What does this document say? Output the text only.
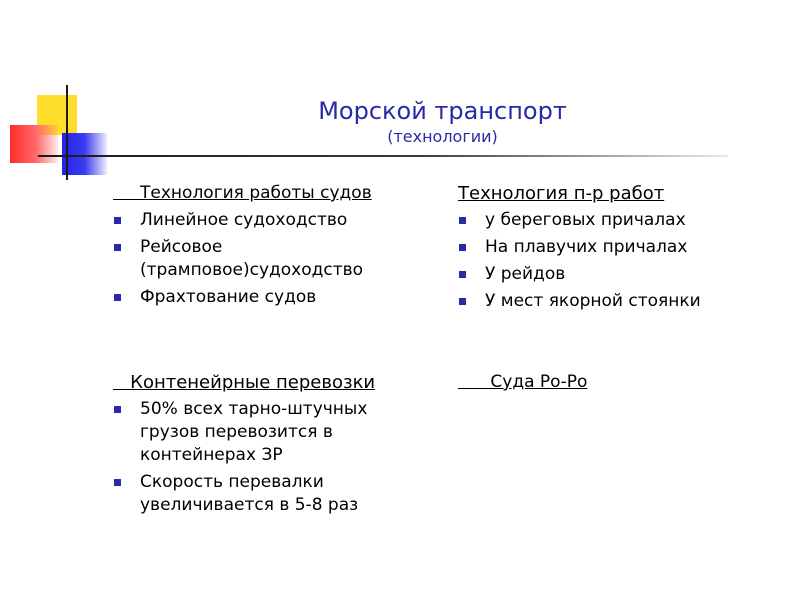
Морской транспорт
(технологии)
Технология работы судов
Линейное судоходство
Рейсовое (трамповое)судоходство
Фрахтование судов
Контенейрные перевозки
50% всех тарно-штучных грузов перевозится в контейнерах ЗР
Скорость перевалки увеличивается в 5-8 раз
Технология п-р работ
у береговых причалах
На плавучих причалах
У рейдов
У мест якорной стоянки
Суда Ро-Ро
